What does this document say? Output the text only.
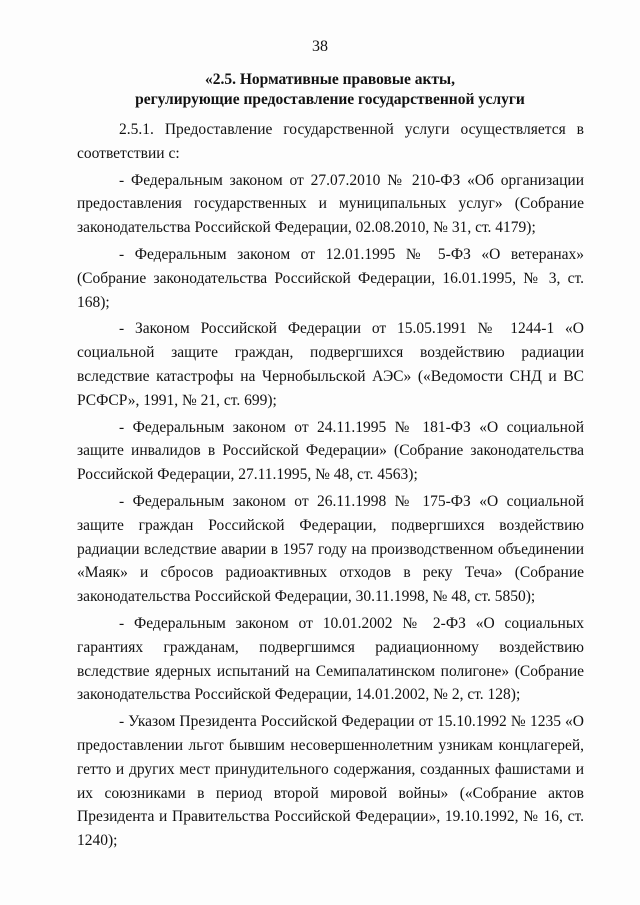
38
«2.5. Нормативные правовые акты,
регулирующие предоставление государственной услуги

2.5.1. Предоставление государственной услуги осуществляется в соответствии с:

- Федеральным законом от 27.07.2010 № 210-ФЗ «Об организации предоставления государственных и муниципальных услуг» (Собрание законодательства Российской Федерации, 02.08.2010, № 31, ст. 4179);

- Федеральным законом от 12.01.1995 № 5-ФЗ «О ветеранах» (Собрание законодательства Российской Федерации, 16.01.1995, № 3, ст. 168);

- Законом Российской Федерации от 15.05.1991 № 1244-1 «О социальной защите граждан, подвергшихся воздействию радиации вследствие катастрофы на Чернобыльской АЭС» («Ведомости СНД и ВС РСФСР», 1991, № 21, ст. 699);

- Федеральным законом от 24.11.1995 № 181-ФЗ «О социальной защите инвалидов в Российской Федерации» (Собрание законодательства Российской Федерации, 27.11.1995, № 48, ст. 4563);

- Федеральным законом от 26.11.1998 № 175-ФЗ «О социальной защите граждан Российской Федерации, подвергшихся воздействию радиации вследствие аварии в 1957 году на производственном объединении «Маяк» и сбросов радиоактивных отходов в реку Теча» (Собрание законодательства Российской Федерации, 30.11.1998, № 48, ст. 5850);

- Федеральным законом от 10.01.2002 № 2-ФЗ «О социальных гарантиях гражданам, подвергшимся радиационному воздействию вследствие ядерных испытаний на Семипалатинском полигоне» (Собрание законодательства Российской Федерации, 14.01.2002, № 2, ст. 128);

- Указом Президента Российской Федерации от 15.10.1992 № 1235 «О предоставлении льгот бывшим несовершеннолетним узникам концлагерей, гетто и других мест принудительного содержания, созданных фашистами и их союзниками в период второй мировой войны» («Собрание актов Президента и Правительства Российской Федерации», 19.10.1992, № 16, ст. 1240);
